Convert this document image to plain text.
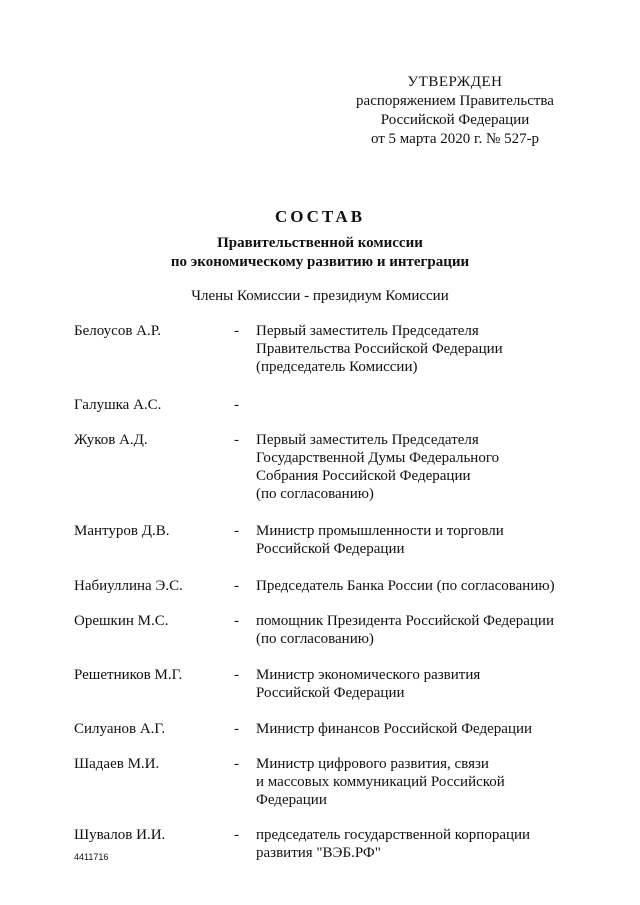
УТВЕРЖДЕН
распоряжением Правительства
Российской Федерации
от 5 марта 2020 г. № 527-р
СОСТАВ
Правительственной комиссии
по экономическому развитию и интеграции
Члены Комиссии - президиум Комиссии
Белоусов А.Р.	- Первый заместитель Председателя
Правительства Российской Федерации
(председатель Комиссии)
Галушка А.С.	-
Жуков А.Д.	- Первый заместитель Председателя
Государственной Думы Федерального
Собрания Российской Федерации
(по согласованию)
Мантуров Д.В.	- Министр промышленности и торговли
Российской Федерации
Набиуллина Э.С.	- Председатель Банка России (по согласованию)
Орешкин М.С.	- помощник Президента Российской Федерации
(по согласованию)
Решетников М.Г.	- Министр экономического развития
Российской Федерации
Силуанов А.Г.	- Министр финансов Российской Федерации
Шадаев М.И.	- Министр цифрового развития, связи
и массовых коммуникаций Российской
Федерации
Шувалов И.И.	- председатель государственной корпорации
развития "ВЭБ.РФ"
4411716
